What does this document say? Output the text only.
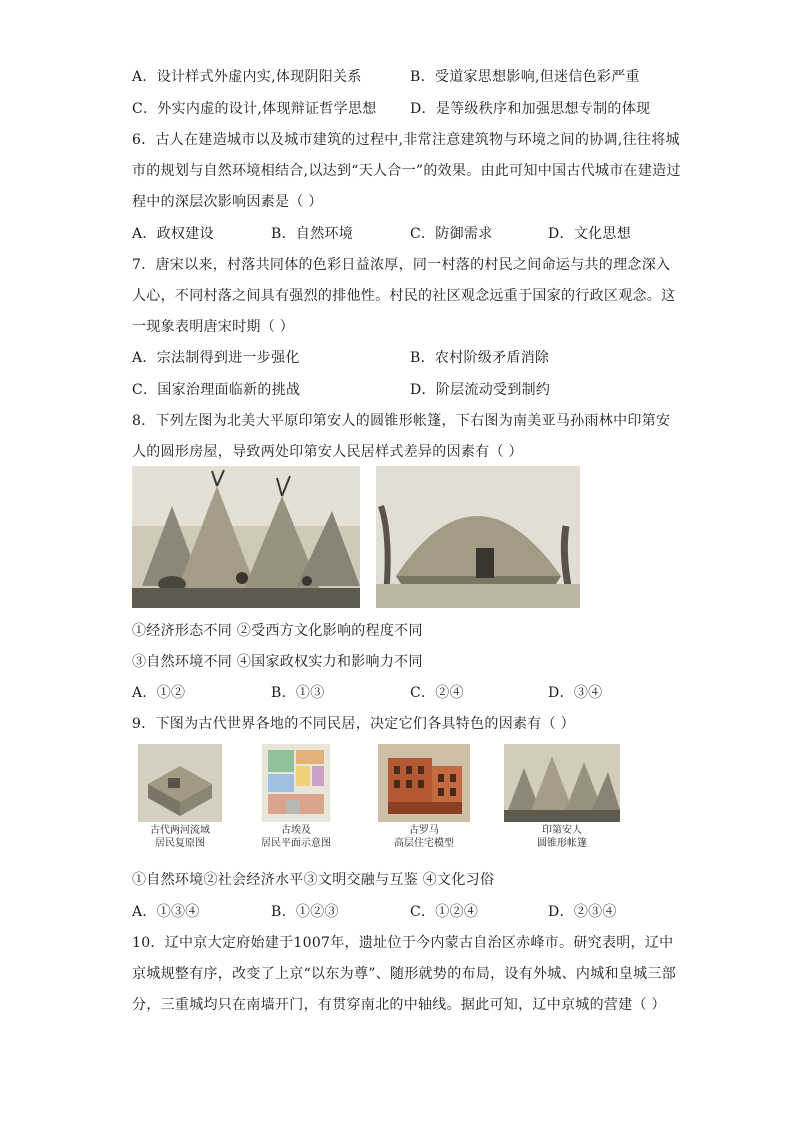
A．设计样式外虚内实,体现阴阳关系	B．受道家思想影响,但迷信色彩严重
C．外实内虚的设计,体现辩证哲学思想 D．是等级秩序和加强思想专制的体现
6．古人在建造城市以及城市建筑的过程中,非常注意建筑物与环境之间的协调,往往将城
市的规划与自然环境相结合,以达到“天人合一”的效果。由此可知中国古代城市在建造过
程中的深层次影响因素是（ ）
A．政权建设	B．自然环境	C．防御需求	D．文化思想
7．唐宋以来，村落共同体的色彩日益浓厚，同一村落的村民之间命运与共的理念深入
人心，不同村落之间具有强烈的排他性。村民的社区观念远重于国家的行政区观念。这
一现象表明唐宋时期（ ）
A．宗法制得到进一步强化	B．农村阶级矛盾消除
C．国家治理面临新的挑战	D．阶层流动受到制约
8．下列左图为北美大平原印第安人的圆锥形帐篷，下右图为南美亚马孙雨林中印第安
人的圆形房屋，导致两处印第安人民居样式差异的因素有（ ）
①经济形态不同 ②受西方文化影响的程度不同
③自然环境不同 ④国家政权实力和影响力不同
A．①②	B．①③	C．②④	D．③④
9．下图为古代世界各地的不同民居，决定它们各具特色的因素有（ ）
古代两河流域
居民复原图
古埃及
居民平面示意图
古罗马
高层住宅模型
印第安人
圆锥形帐篷
①自然环境②社会经济水平③文明交融与互鉴 ④文化习俗
A．①③④	B．①②③	C．①②④	D．②③④
10．辽中京大定府始建于1007年，遗址位于今内蒙古自治区赤峰市。研究表明，辽中
京城规整有序，改变了上京“以东为尊”、随形就势的布局，设有外城、内城和皇城三部
分，三重城均只在南墙开门，有贯穿南北的中轴线。据此可知，辽中京城的营建（ ）
